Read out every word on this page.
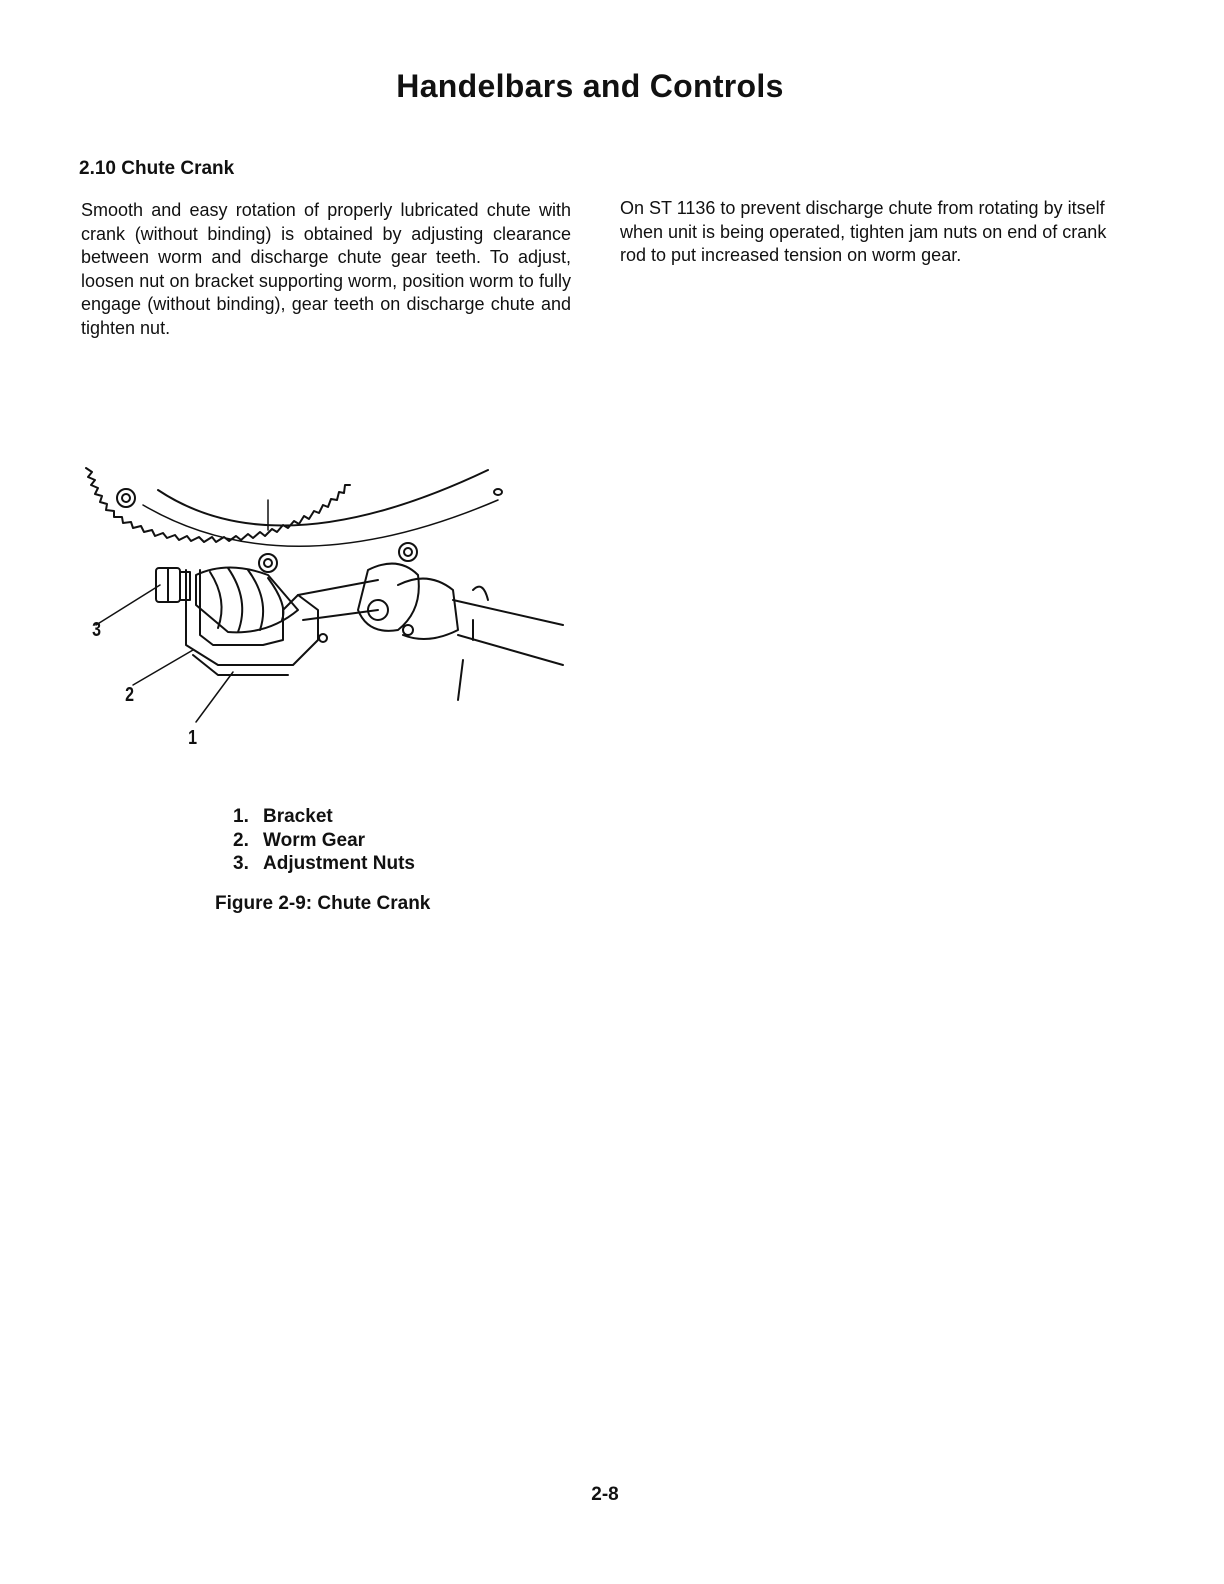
Handelbars and Controls
2.10 Chute Crank

Smooth and easy rotation of properly lubricated chute with crank (without binding) is obtained by adjusting clearance between worm and discharge chute gear teeth. To adjust, loosen nut on bracket supporting worm, position worm to fully engage (without binding), gear teeth on discharge chute and tighten nut.

On ST 1136 to prevent discharge chute from rotating by itself when unit is being operated, tighten jam nuts on end of crank rod to put increased tension on worm gear.

3
2
1
1. Bracket
2. Worm Gear
3. Adjustment Nuts
Figure 2-9: Chute Crank
2-8
